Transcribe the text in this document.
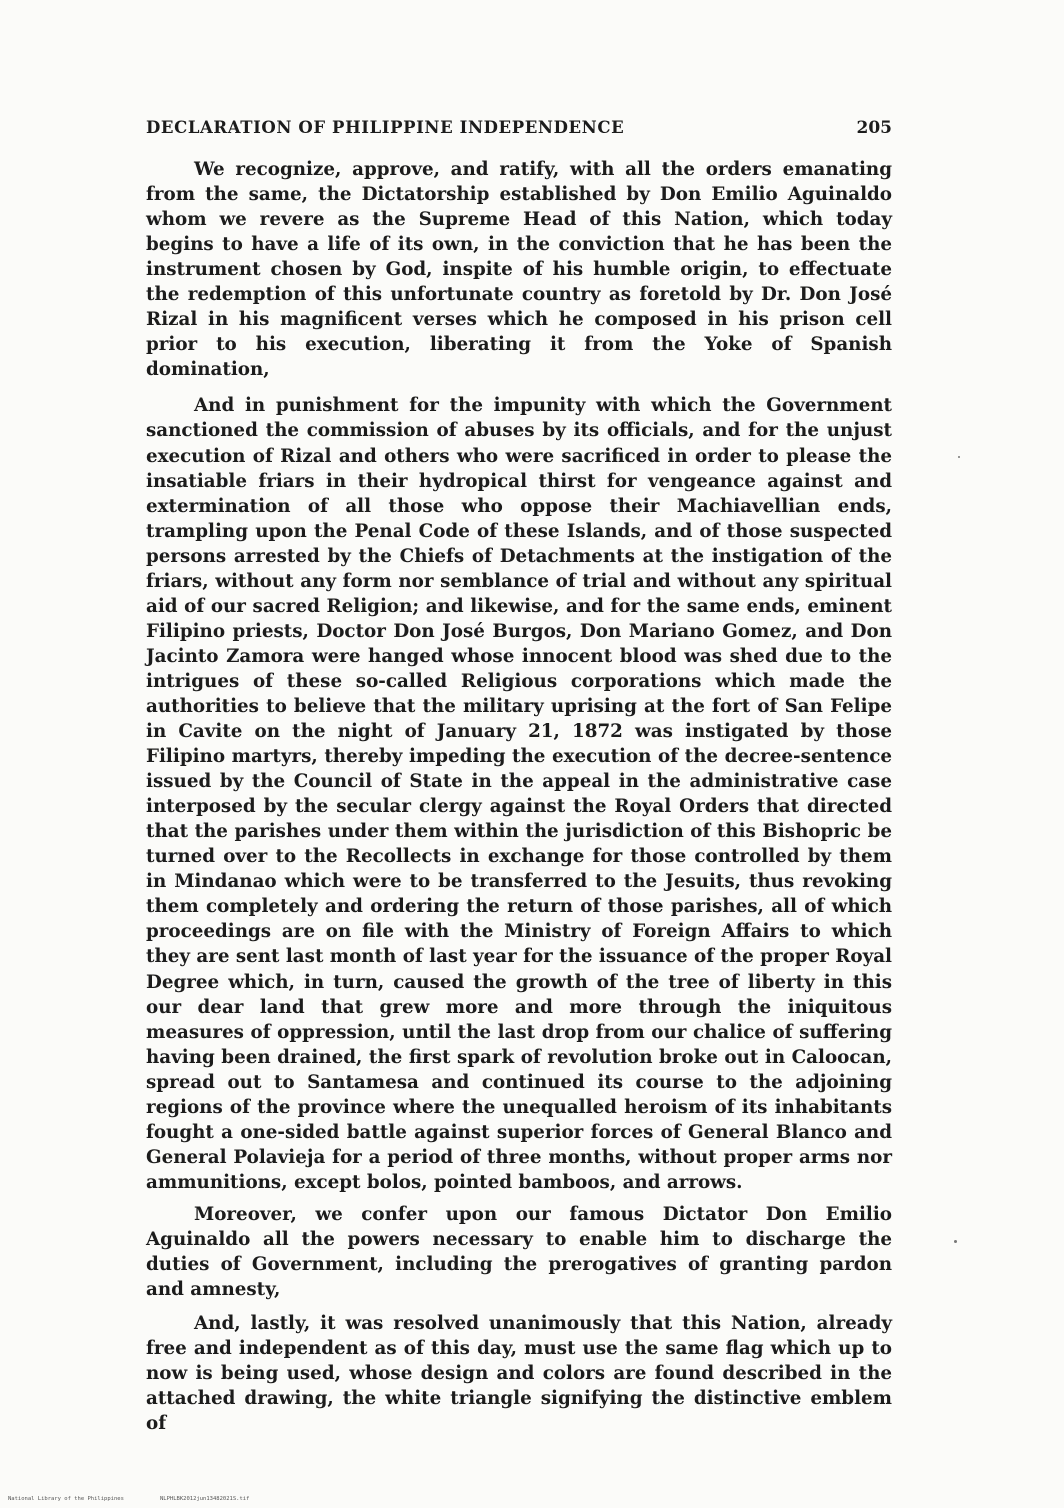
DECLARATION OF PHILIPPINE INDEPENDENCE	205

We recognize, approve, and ratify, with all the orders emanating from the same, the Dictatorship established by Don Emilio Aguinaldo whom we revere as the Supreme Head of this Nation, which today begins to have a life of its own, in the conviction that he has been the instrument chosen by God, inspite of his humble origin, to effectuate the redemption of this unfortunate country as foretold by Dr. Don José Rizal in his magnificent verses which he composed in his prison cell prior to his execution, liberating it from the Yoke of Spanish domination,

And in punishment for the impunity with which the Government sanctioned the commission of abuses by its officials, and for the unjust execution of Rizal and others who were sacrificed in order to please the insatiable friars in their hydropical thirst for vengeance against and extermination of all those who oppose their Machiavellian ends, trampling upon the Penal Code of these Islands, and of those suspected persons arrested by the Chiefs of Detachments at the instigation of the friars, without any form nor semblance of trial and without any spiritual aid of our sacred Religion; and likewise, and for the same ends, eminent Filipino priests, Doctor Don José Burgos, Don Mariano Gomez, and Don Jacinto Zamora were hanged whose innocent blood was shed due to the intrigues of these so-called Religious corporations which made the authorities to believe that the military uprising at the fort of San Felipe in Cavite on the night of January 21, 1872 was instigated by those Filipino martyrs, thereby impeding the execution of the decree-sentence issued by the Council of State in the appeal in the administrative case interposed by the secular clergy against the Royal Orders that directed that the parishes under them within the jurisdiction of this Bishopric be turned over to the Recollects in exchange for those controlled by them in Mindanao which were to be transferred to the Jesuits, thus revoking them completely and ordering the return of those parishes, all of which proceedings are on file with the Ministry of Foreign Affairs to which they are sent last month of last year for the issuance of the proper Royal Degree which, in turn, caused the growth of the tree of liberty in this our dear land that grew more and more through the iniquitous measures of oppression, until the last drop from our chalice of suffering having been drained, the first spark of revolution broke out in Caloocan, spread out to Santamesa and continued its course to the adjoining regions of the province where the unequalled heroism of its inhabitants fought a one-sided battle against superior forces of General Blanco and General Polavieja for a period of three months, without proper arms nor ammunitions, except bolos, pointed bamboos, and arrows.

Moreover, we confer upon our famous Dictator Don Emilio Aguinaldo all the powers necessary to enable him to discharge the duties of Government, including the prerogatives of granting pardon and amnesty,

And, lastly, it was resolved unanimously that this Nation, already free and independent as of this day, must use the same flag which up to now is being used, whose design and colors are found described in the attached drawing, the white triangle signifying the distinctive emblem of

National Library of the Philippines	NLPHLBK2012jun13482021S.tif
